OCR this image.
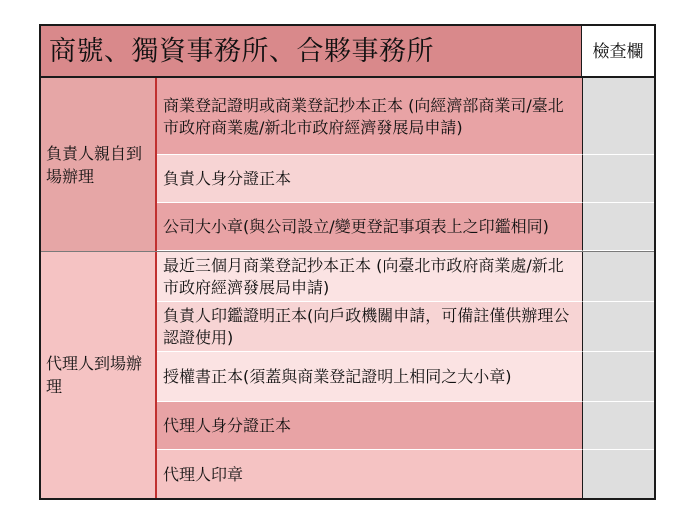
商號、獨資事務所、合夥事務所	檢查欄
負責人親自到場辦理
商業登記證明或商業登記抄本正本 (向經濟部商業司/臺北市政府商業處/新北市政府經濟發展局申請)
負責人身分證正本
公司大小章(與公司設立/變更登記事項表上之印鑑相同)
代理人到場辦理
最近三個月商業登記抄本正本 (向臺北市政府商業處/新北市政府經濟發展局申請)
負責人印鑑證明正本(向戶政機關申請，可備註僅供辦理公認證使用)
授權書正本(須蓋與商業登記證明上相同之大小章)
代理人身分證正本
代理人印章
